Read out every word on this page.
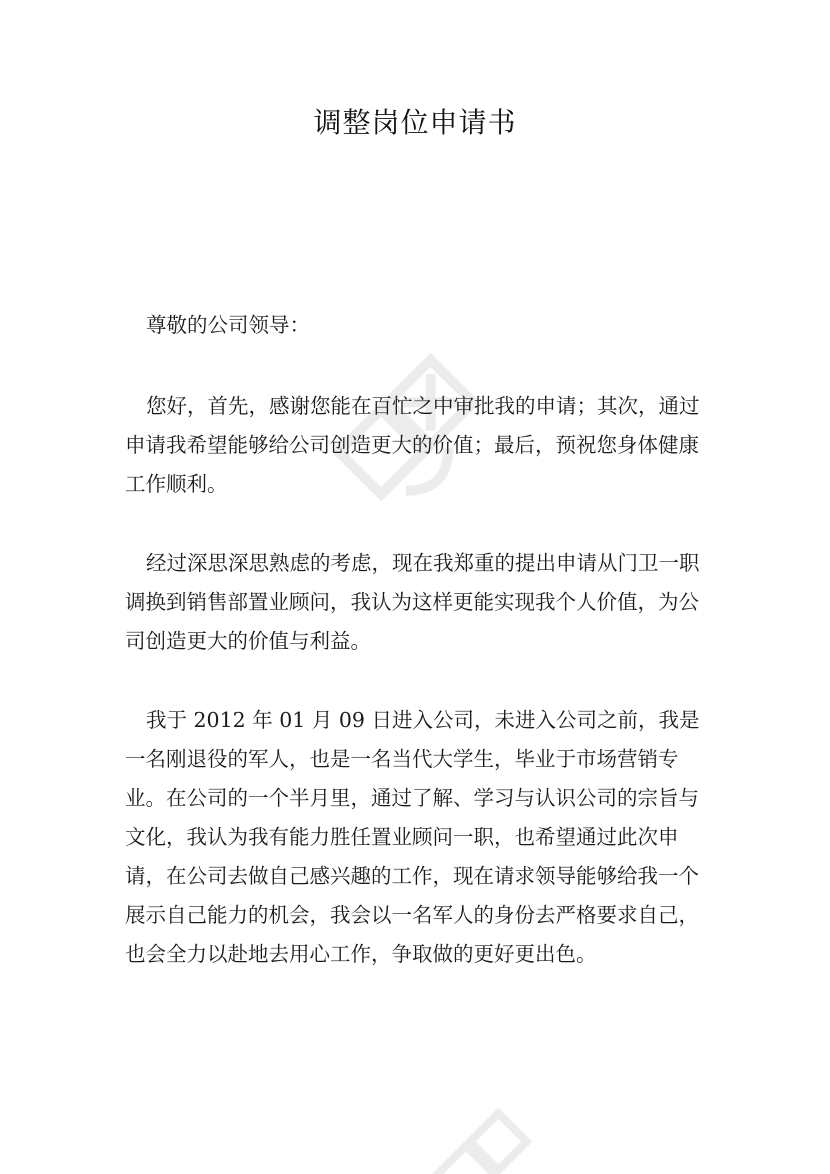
调整岗位申请书

尊敬的公司领导：

您好，首先，感谢您能在百忙之中审批我的申请；其次，通过申请我希望能够给公司创造更大的价值；最后，预祝您身体健康工作顺利。

经过深思深思熟虑的考虑，现在我郑重的提出申请从门卫一职调换到销售部置业顾问，我认为这样更能实现我个人价值，为公司创造更大的价值与利益。

我于 2012 年 01 月 09 日进入公司，未进入公司之前，我是一名刚退役的军人，也是一名当代大学生，毕业于市场营销专业。在公司的一个半月里，通过了解、学习与认识公司的宗旨与文化，我认为我有能力胜任置业顾问一职，也希望通过此次申请，在公司去做自己感兴趣的工作，现在请求领导能够给我一个展示自己能力的机会，我会以一名军人的身份去严格要求自己，也会全力以赴地去用心工作，争取做的更好更出色。
